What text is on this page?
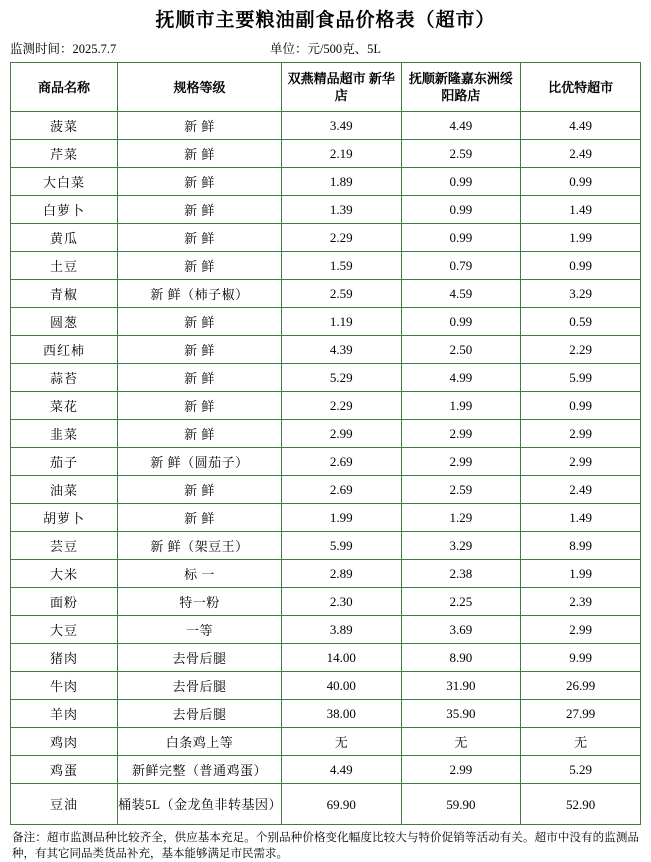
抚顺市主要粮油副食品价格表（超市）
监测时间：2025.7.7	单位：元/500克、5L
商品名称	规格等级	双燕精品超市 新华店	抚顺新隆嘉东洲绥阳路店	比优特超市
菠菜	新 鲜	3.49	4.49	4.49
芹菜	新 鲜	2.19	2.59	2.49
大白菜	新 鲜	1.89	0.99	0.99
白萝卜	新 鲜	1.39	0.99	1.49
黄瓜	新 鲜	2.29	0.99	1.99
土豆	新 鲜	1.59	0.79	0.99
青椒	新 鲜（柿子椒）	2.59	4.59	3.29
圆葱	新 鲜	1.19	0.99	0.59
西红柿	新 鲜	4.39	2.50	2.29
蒜苔	新 鲜	5.29	4.99	5.99
菜花	新 鲜	2.29	1.99	0.99
韭菜	新 鲜	2.99	2.99	2.99
茄子	新 鲜（圆茄子）	2.69	2.99	2.99
油菜	新 鲜	2.69	2.59	2.49
胡萝卜	新 鲜	1.99	1.29	1.49
芸豆	新 鲜（架豆王）	5.99	3.29	8.99
大米	标 一	2.89	2.38	1.99
面粉	特一粉	2.30	2.25	2.39
大豆	一等	3.89	3.69	2.99
猪肉	去骨后腿	14.00	8.90	9.99
牛肉	去骨后腿	40.00	31.90	26.99
羊肉	去骨后腿	38.00	35.90	27.99
鸡肉	白条鸡上等	无	无	无
鸡蛋	新鲜完整（普通鸡蛋）	4.49	2.99	5.29
豆油	桶装5L（金龙鱼非转基因）	69.90	59.90	52.90
备注：超市监测品种比较齐全，供应基本充足。个别品种价格变化幅度比较大与特价促销等活动有关。超市中没有的监测品种，有其它同品类货品补充，基本能够满足市民需求。
